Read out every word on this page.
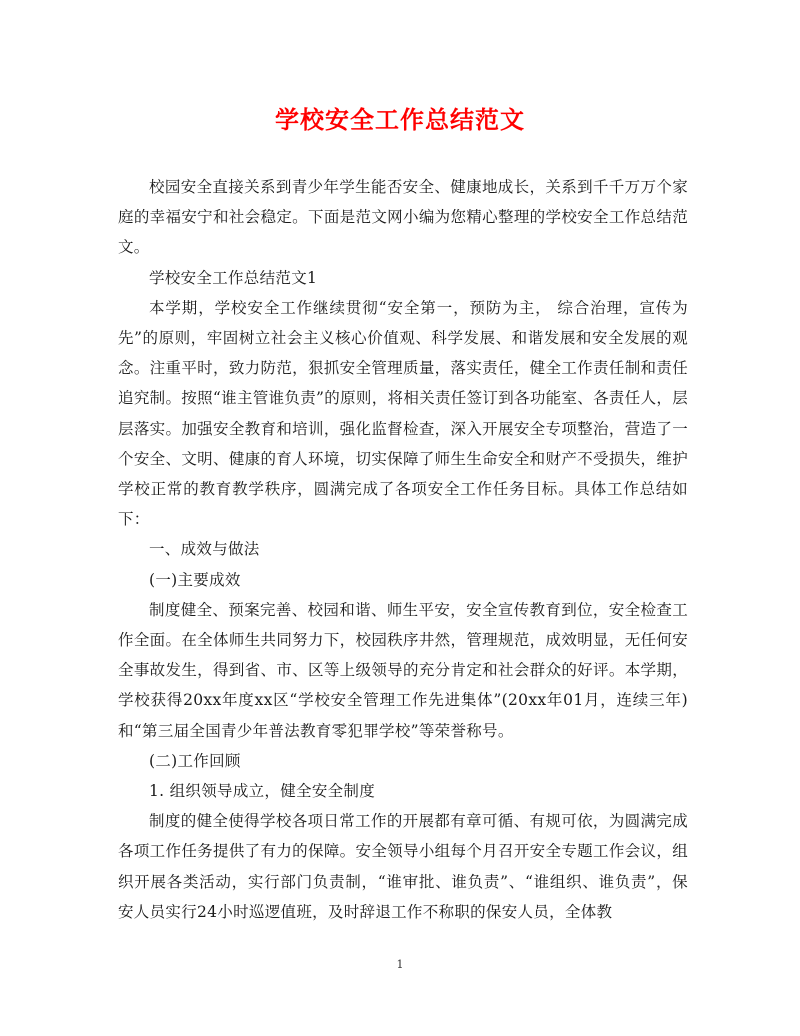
学校安全工作总结范文

校园安全直接关系到青少年学生能否安全、健康地成长，关系到千千万万个家庭的幸福安宁和社会稳定。下面是范文网小编为您精心整理的学校安全工作总结范文。

学校安全工作总结范文1

本学期，学校安全工作继续贯彻“安全第一，预防为主， 综合治理，宣传为先”的原则，牢固树立社会主义核心价值观、科学发展、和谐发展和安全发展的观念。注重平时，致力防范，狠抓安全管理质量，落实责任，健全工作责任制和责任追究制。按照“谁主管谁负责”的原则，将相关责任签订到各功能室、各责任人，层层落实。加强安全教育和培训，强化监督检查，深入开展安全专项整治，营造了一个安全、文明、健康的育人环境，切实保障了师生生命安全和财产不受损失，维护学校正常的教育教学秩序，圆满完成了各项安全工作任务目标。具体工作总结如下：

一、成效与做法

(一)主要成效

制度健全、预案完善、校园和谐、师生平安，安全宣传教育到位，安全检查工作全面。在全体师生共同努力下，校园秩序井然，管理规范，成效明显，无任何安全事故发生，得到省、市、区等上级领导的充分肯定和社会群众的好评。本学期，学校获得20xx年度xx区“学校安全管理工作先进集体”(20xx年01月，连续三年)和“第三届全国青少年普法教育零犯罪学校”等荣誉称号。

(二)工作回顾

1. 组织领导成立，健全安全制度

制度的健全使得学校各项日常工作的开展都有章可循、有规可依，为圆满完成各项工作任务提供了有力的保障。安全领导小组每个月召开安全专题工作会议，组织开展各类活动，实行部门负责制，“谁审批、谁负责”、“谁组织、谁负责”，保安人员实行24小时巡逻值班，及时辞退工作不称职的保安人员，全体教

1
